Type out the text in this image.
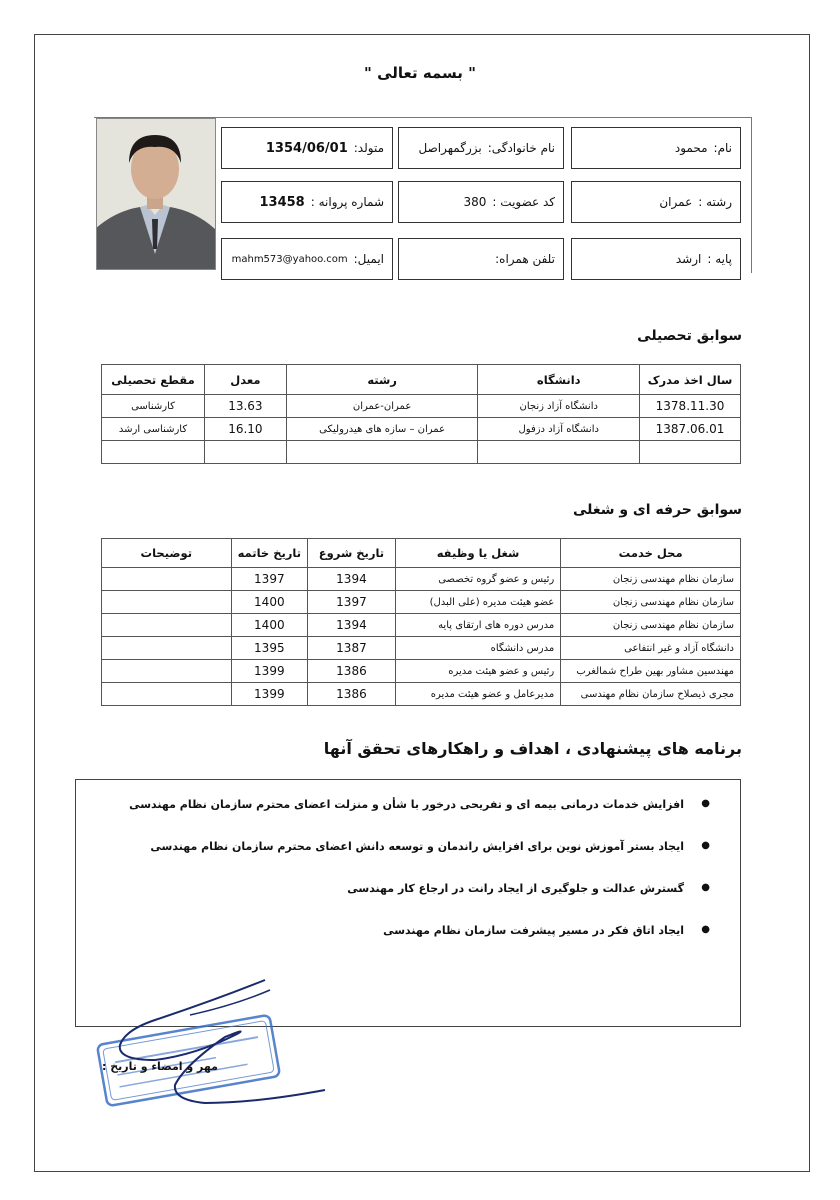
" بسمه تعالی "
نام:
محمود
نام خانوادگی:
بزرگمهراصل
متولد:
1354/06/01
رشته :
عمران
کد عضویت :
380
شماره پروانه :
13458
پایه :
ارشد
تلفن همراه:
ایمیل:
mahm573@yahoo.com
سوابق تحصیلی
سال اخذ مدرک	دانشگاه	رشته	معدل	مقطع تحصیلی
1378.11.30	دانشگاه آزاد زنجان	عمران-عمران	13.63	کارشناسی
1387.06.01	دانشگاه آزاد دزفول	عمران – سازه های هیدرولیکی	16.10	کارشناسی ارشد

سوابق حرفه ای و شغلی
محل خدمت	شغل یا وظیفه	تاریخ شروع	تاریخ خاتمه	توضیحات
سازمان نظام مهندسی زنجان	رئیس و عضو گروه تخصصی	1394	1397	
سازمان نظام مهندسی زنجان	عضو هیئت مدیره (علی البدل)	1397	1400	
سازمان نظام مهندسی زنجان	مدرس دوره های ارتقای پایه	1394	1400	
دانشگاه آزاد و غیر انتفاعی	مدرس دانشگاه	1387	1395	
مهندسین مشاور بهین طراح شمالغرب	رئیس و عضو هیئت مدیره	1386	1399	
مجری ذیصلاح سازمان نظام مهندسی	مدیرعامل و عضو هیئت مدیره	1386	1399	
برنامه های پیشنهادی ، اهداف و راهکارهای تحقق آنها
●
افزایش خدمات درمانی بیمه ای و تفریحی درخور با شأن و منزلت اعضای محترم سازمان نظام مهندسی
●
ایجاد بستر آموزش نوین برای افزایش راندمان و توسعه دانش اعضای محترم سازمان نظام مهندسی
●
گسترش عدالت و جلوگیری از ایجاد رانت در ارجاع کار مهندسی
●
ایجاد اتاق فکر در مسیر پیشرفت سازمان نظام مهندسی
مهر و امضاء و تاریخ :
